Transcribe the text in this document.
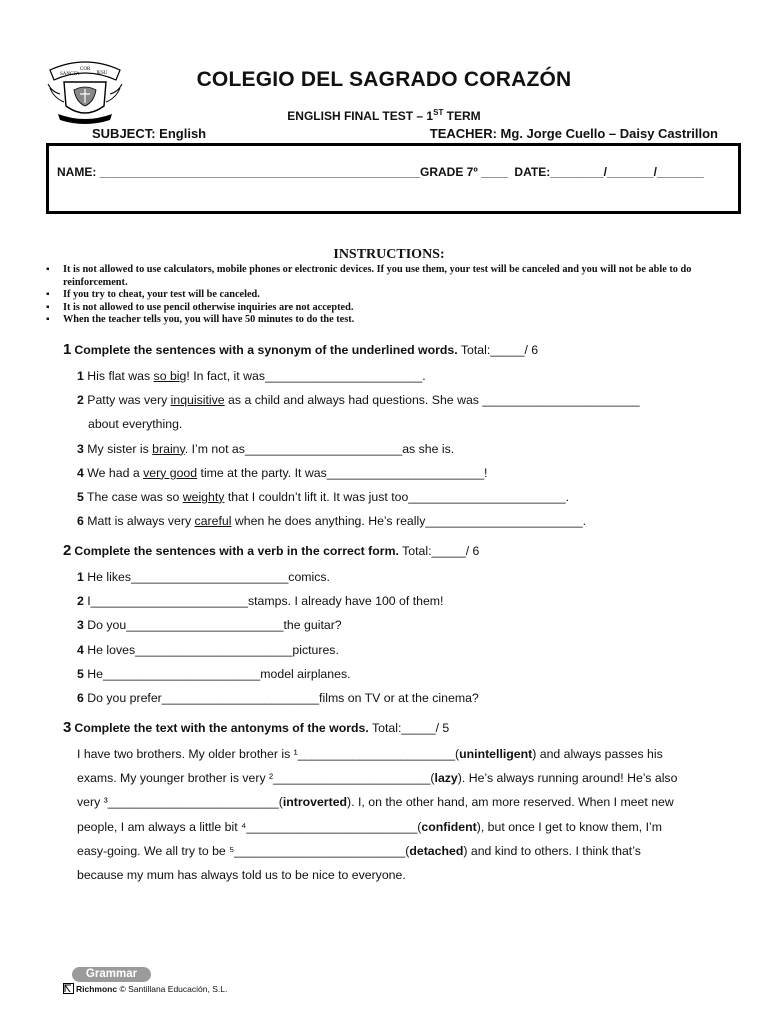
SANCTA
COR
JESU	COLEGIO DEL SAGRADO CORAZÓN
ENGLISH FINAL TEST – 1ST TERM
SUBJECT: English	TEACHER: Mg. Jorge Cuello – Daisy Castrillon
NAME: ________________________________________________GRADE 7º ____  DATE:________/_______/_______
INSTRUCTIONS:
▪ It is not allowed to use calculators, mobile phones or electronic devices. If you use them, your test will be canceled and you will not be able to do reinforcement.
▪ If you try to cheat, your test will be canceled.
▪ It is not allowed to use pencil otherwise inquiries are not accepted.
▪ When the teacher tells you, you will have 50 minutes to do the test.
1 Complete the sentences with a synonym of the underlined words. Total:_____/ 6
1 His flat was so big! In fact, it was_______________________.
2 Patty was very inquisitive as a child and always had questions. She was _______________________
about everything.
3 My sister is brainy. I’m not as_______________________as she is.
4 We had a very good time at the party. It was_______________________!
5 The case was so weighty that I couldn’t lift it. It was just too_______________________.
6 Matt is always very careful when he does anything. He’s really_______________________.
2 Complete the sentences with a verb in the correct form. Total:_____/ 6
1 He likes_______________________comics.
2 I_______________________stamps. I already have 100 of them!
3 Do you_______________________the guitar?
4 He loves_______________________pictures.
5 He_______________________model airplanes.
6 Do you prefer_______________________films on TV or at the cinema?
3 Complete the text with the antonyms of the words. Total:_____/ 5
I have two brothers. My older brother is ¹_______________________(unintelligent) and always passes his
exams. My younger brother is very ²_______________________(lazy). He’s always running around! He’s also
very ³_________________________(introverted). I, on the other hand, am more reserved. When I meet new
people, I am always a little bit ⁴_________________________(confident), but once I get to know them, I’m
easy-going. We all try to be ⁵_________________________(detached) and kind to others. I think that’s
because my mum has always told us to be nice to everyone.
Grammar
Richmonc © Santillana Educación, S.L.
